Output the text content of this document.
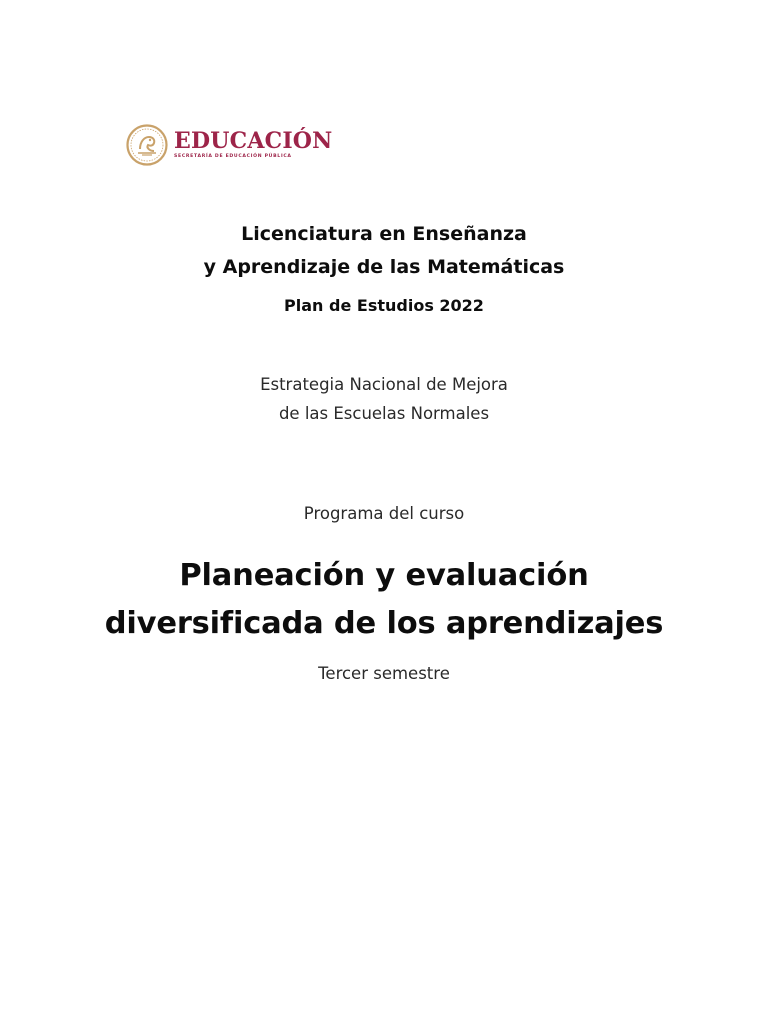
EDUCACIÓN
SECRETARÍA DE EDUCACIÓN PÚBLICA
Licenciatura en Enseñanza
y Aprendizaje de las Matemáticas
Plan de Estudios 2022
Estrategia Nacional de Mejora
de las Escuelas Normales
Programa del curso
Planeación y evaluación
diversificada de los aprendizajes
Tercer semestre
